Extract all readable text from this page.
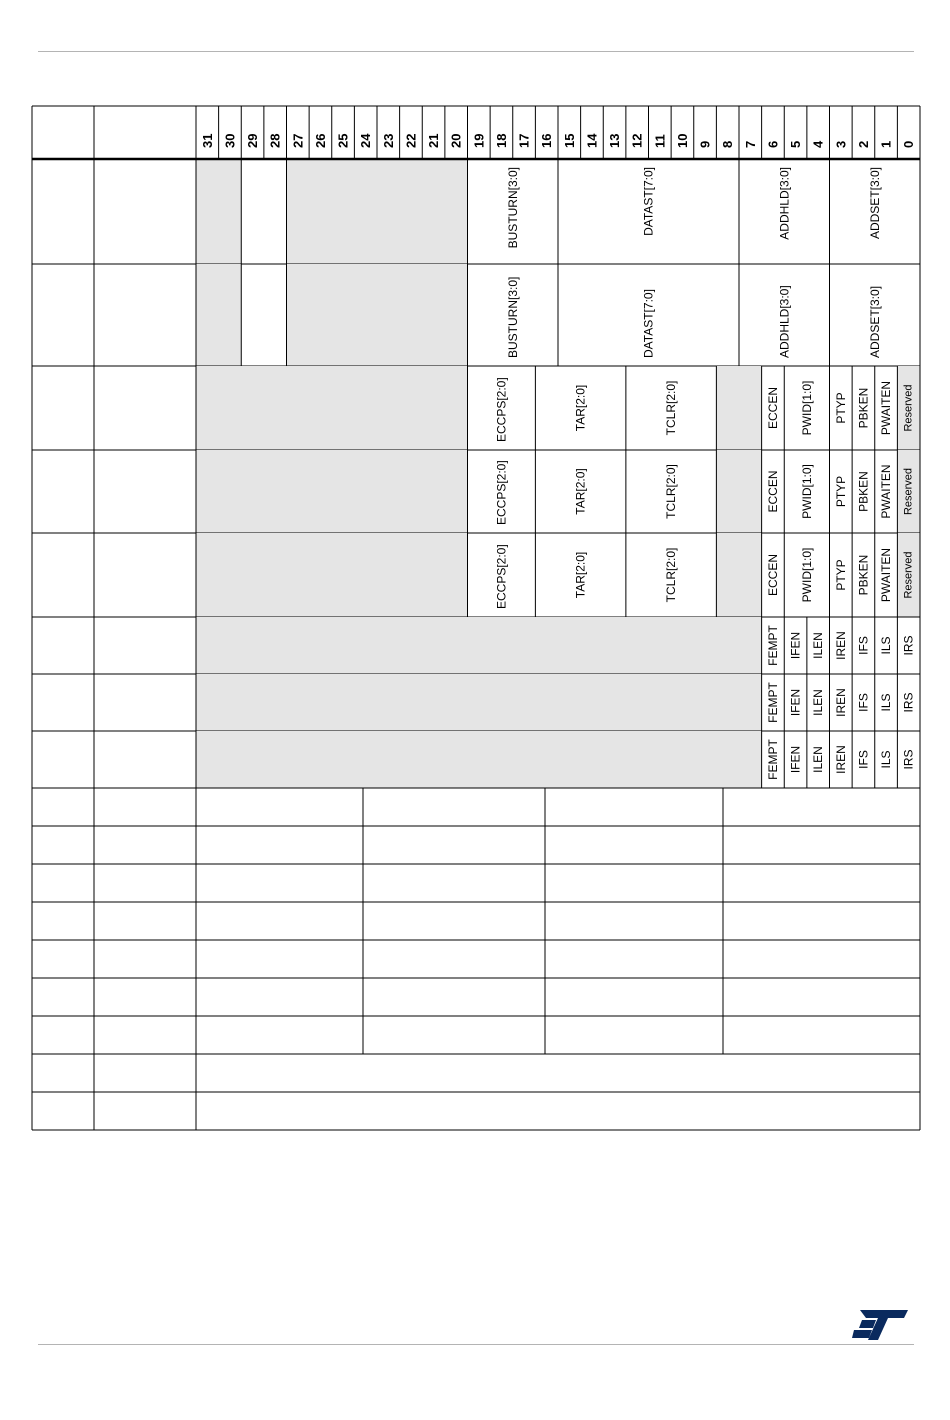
31 30 29 28 27 26 25 24 23 22 21 20 19 18 17 16 15 14 13 12 11 10 9 8 7 6 5 4 3 2 1 0
BUSTURN[3:0]	DATAST[7:0]	ADDHLD[3:0]	ADDSET[3:0]
BUSTURN[3:0]	DATAST[7:0]	ADDHLD[3:0]	ADDSET[3:0]
ECCPS[2:0]	TAR[2:0]	TCLR[2:0]	ECCEN PWID[1:0] PTYP PBKEN PWAITEN Reserved
ECCPS[2:0]	TAR[2:0]	TCLR[2:0]	ECCEN PWID[1:0] PTYP PBKEN PWAITEN Reserved
ECCPS[2:0]	TAR[2:0]	TCLR[2:0]	ECCEN PWID[1:0] PTYP PBKEN PWAITEN Reserved
FEMPT IFEN ILEN IREN IFS ILS IRS
FEMPT IFEN ILEN IREN IFS ILS IRS
FEMPT IFEN ILEN IREN IFS ILS IRS
